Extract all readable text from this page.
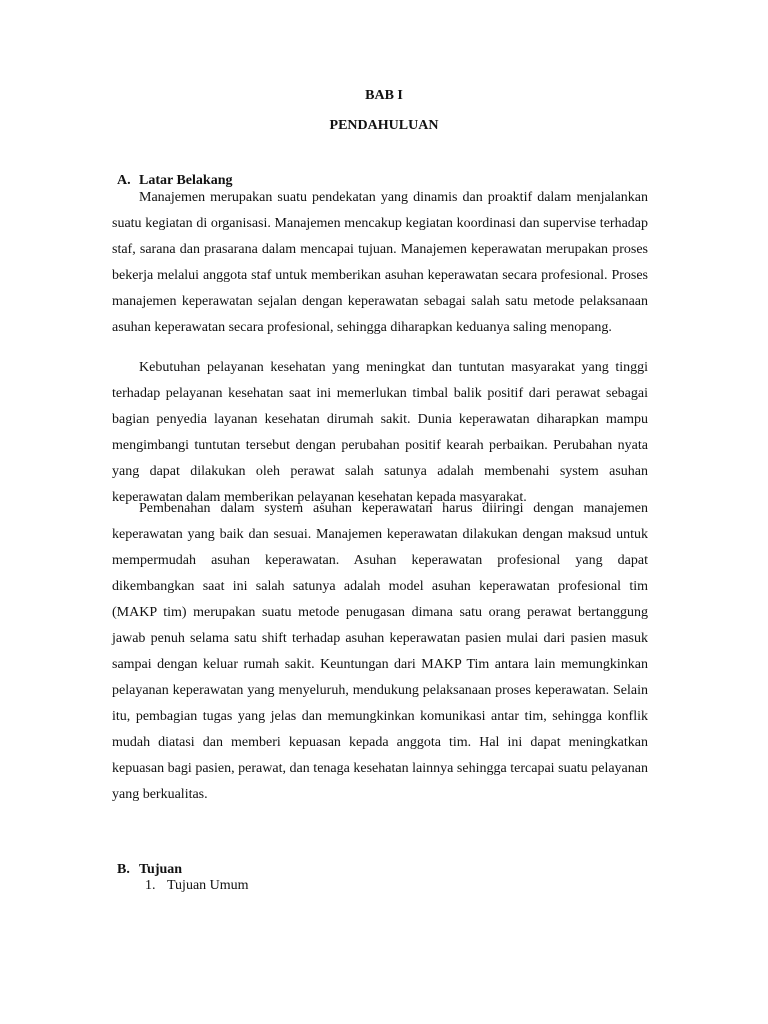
BAB I
PENDAHULUAN

Manajemen merupakan suatu pendekatan yang dinamis dan proaktif dalam menjalankan suatu kegiatan di organisasi. Manajemen mencakup kegiatan koordinasi dan supervise terhadap staf, sarana dan prasarana dalam mencapai tujuan. Manajemen keperawatan merupakan proses bekerja melalui anggota staf untuk memberikan asuhan keperawatan secara profesional. Proses manajemen keperawatan sejalan dengan keperawatan sebagai salah satu metode pelaksanaan asuhan keperawatan secara profesional, sehingga diharapkan keduanya saling menopang.

Kebutuhan pelayanan kesehatan yang meningkat dan tuntutan masyarakat yang tinggi terhadap pelayanan kesehatan saat ini memerlukan timbal balik positif dari perawat sebagai bagian penyedia layanan kesehatan dirumah sakit. Dunia keperawatan diharapkan mampu mengimbangi tuntutan tersebut dengan perubahan positif kearah perbaikan. Perubahan nyata yang dapat dilakukan oleh perawat salah satunya adalah membenahi system asuhan keperawatan dalam memberikan pelayanan kesehatan kepada masyarakat.

Pembenahan dalam system asuhan keperawatan harus diiringi dengan manajemen keperawatan yang baik dan sesuai. Manajemen keperawatan dilakukan dengan maksud untuk mempermudah asuhan keperawatan. Asuhan keperawatan profesional yang dapat dikembangkan saat ini salah satunya adalah model asuhan keperawatan profesional tim (MAKP tim) merupakan suatu metode penugasan dimana satu orang perawat bertanggung jawab penuh selama satu shift terhadap asuhan keperawatan pasien mulai dari pasien masuk sampai dengan keluar rumah sakit. Keuntungan dari MAKP Tim antara lain memungkinkan pelayanan keperawatan yang menyeluruh, mendukung pelaksanaan proses keperawatan. Selain itu, pembagian tugas yang jelas dan memungkinkan komunikasi antar tim, sehingga konflik mudah diatasi dan memberi kepuasan kepada anggota tim. Hal ini dapat meningkatkan kepuasan bagi pasien, perawat, dan tenaga kesehatan lainnya sehingga tercapai suatu pelayanan yang berkualitas.

A. Latar Belakang
B. Tujuan
1. Tujuan Umum
